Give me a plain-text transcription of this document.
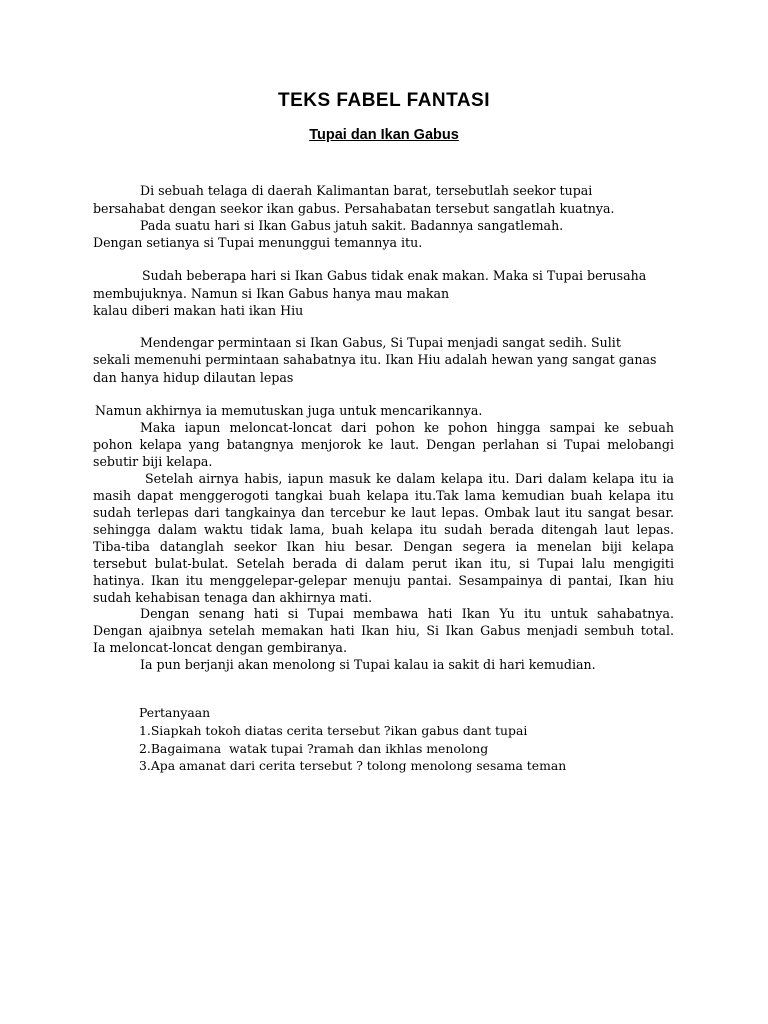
TEKS FABEL FANTASI
Tupai dan Ikan Gabus

Di sebuah telaga di daerah Kalimantan barat, tersebutlah seekor tupai

bersahabat dengan seekor ikan gabus. Persahabatan tersebut sangatlah kuatnya.

Pada suatu hari si Ikan Gabus jatuh sakit. Badannya sangatlemah.

Dengan setianya si Tupai menunggui temannya itu.

Sudah beberapa hari si Ikan Gabus tidak enak makan. Maka si Tupai berusaha

membujuknya. Namun si Ikan Gabus hanya mau makan

kalau diberi makan hati ikan Hiu

Mendengar permintaan si Ikan Gabus, Si Tupai menjadi sangat sedih. Sulit

sekali memenuhi permintaan sahabatnya itu. Ikan Hiu adalah hewan yang sangat ganas

dan hanya hidup dilautan lepas

Namun akhirnya ia memutuskan juga untuk mencarikannya.

Maka iapun meloncat-loncat dari pohon ke pohon hingga sampai ke sebuah

pohon kelapa yang batangnya menjorok ke laut. Dengan perlahan si Tupai melobangi

sebutir biji kelapa.

Setelah airnya habis, iapun masuk ke dalam kelapa itu. Dari dalam kelapa itu ia

masih dapat menggerogoti tangkai buah kelapa itu.Tak lama kemudian buah kelapa itu

sudah terlepas dari tangkainya dan tercebur ke laut lepas. Ombak laut itu sangat besar.

sehingga dalam waktu tidak lama, buah kelapa itu sudah berada ditengah laut lepas.

Tiba-tiba datanglah seekor Ikan hiu besar. Dengan segera ia menelan biji kelapa

tersebut bulat-bulat. Setelah berada di dalam perut ikan itu, si Tupai lalu mengigiti

hatinya. Ikan itu menggelepar-gelepar menuju pantai. Sesampainya di pantai, Ikan hiu

sudah kehabisan tenaga dan akhirnya mati.

Dengan senang hati si Tupai membawa hati Ikan Yu itu untuk sahabatnya.

Dengan ajaibnya setelah memakan hati Ikan hiu, Si Ikan Gabus menjadi sembuh total.

Ia meloncat-loncat dengan gembiranya.

Ia pun berjanji akan menolong si Tupai kalau ia sakit di hari kemudian.

Pertanyaan

1.Siapkah tokoh diatas cerita tersebut ?ikan gabus dant tupai

2.Bagaimana  watak tupai ?ramah dan ikhlas menolong

3.Apa amanat dari cerita tersebut ? tolong menolong sesama teman
